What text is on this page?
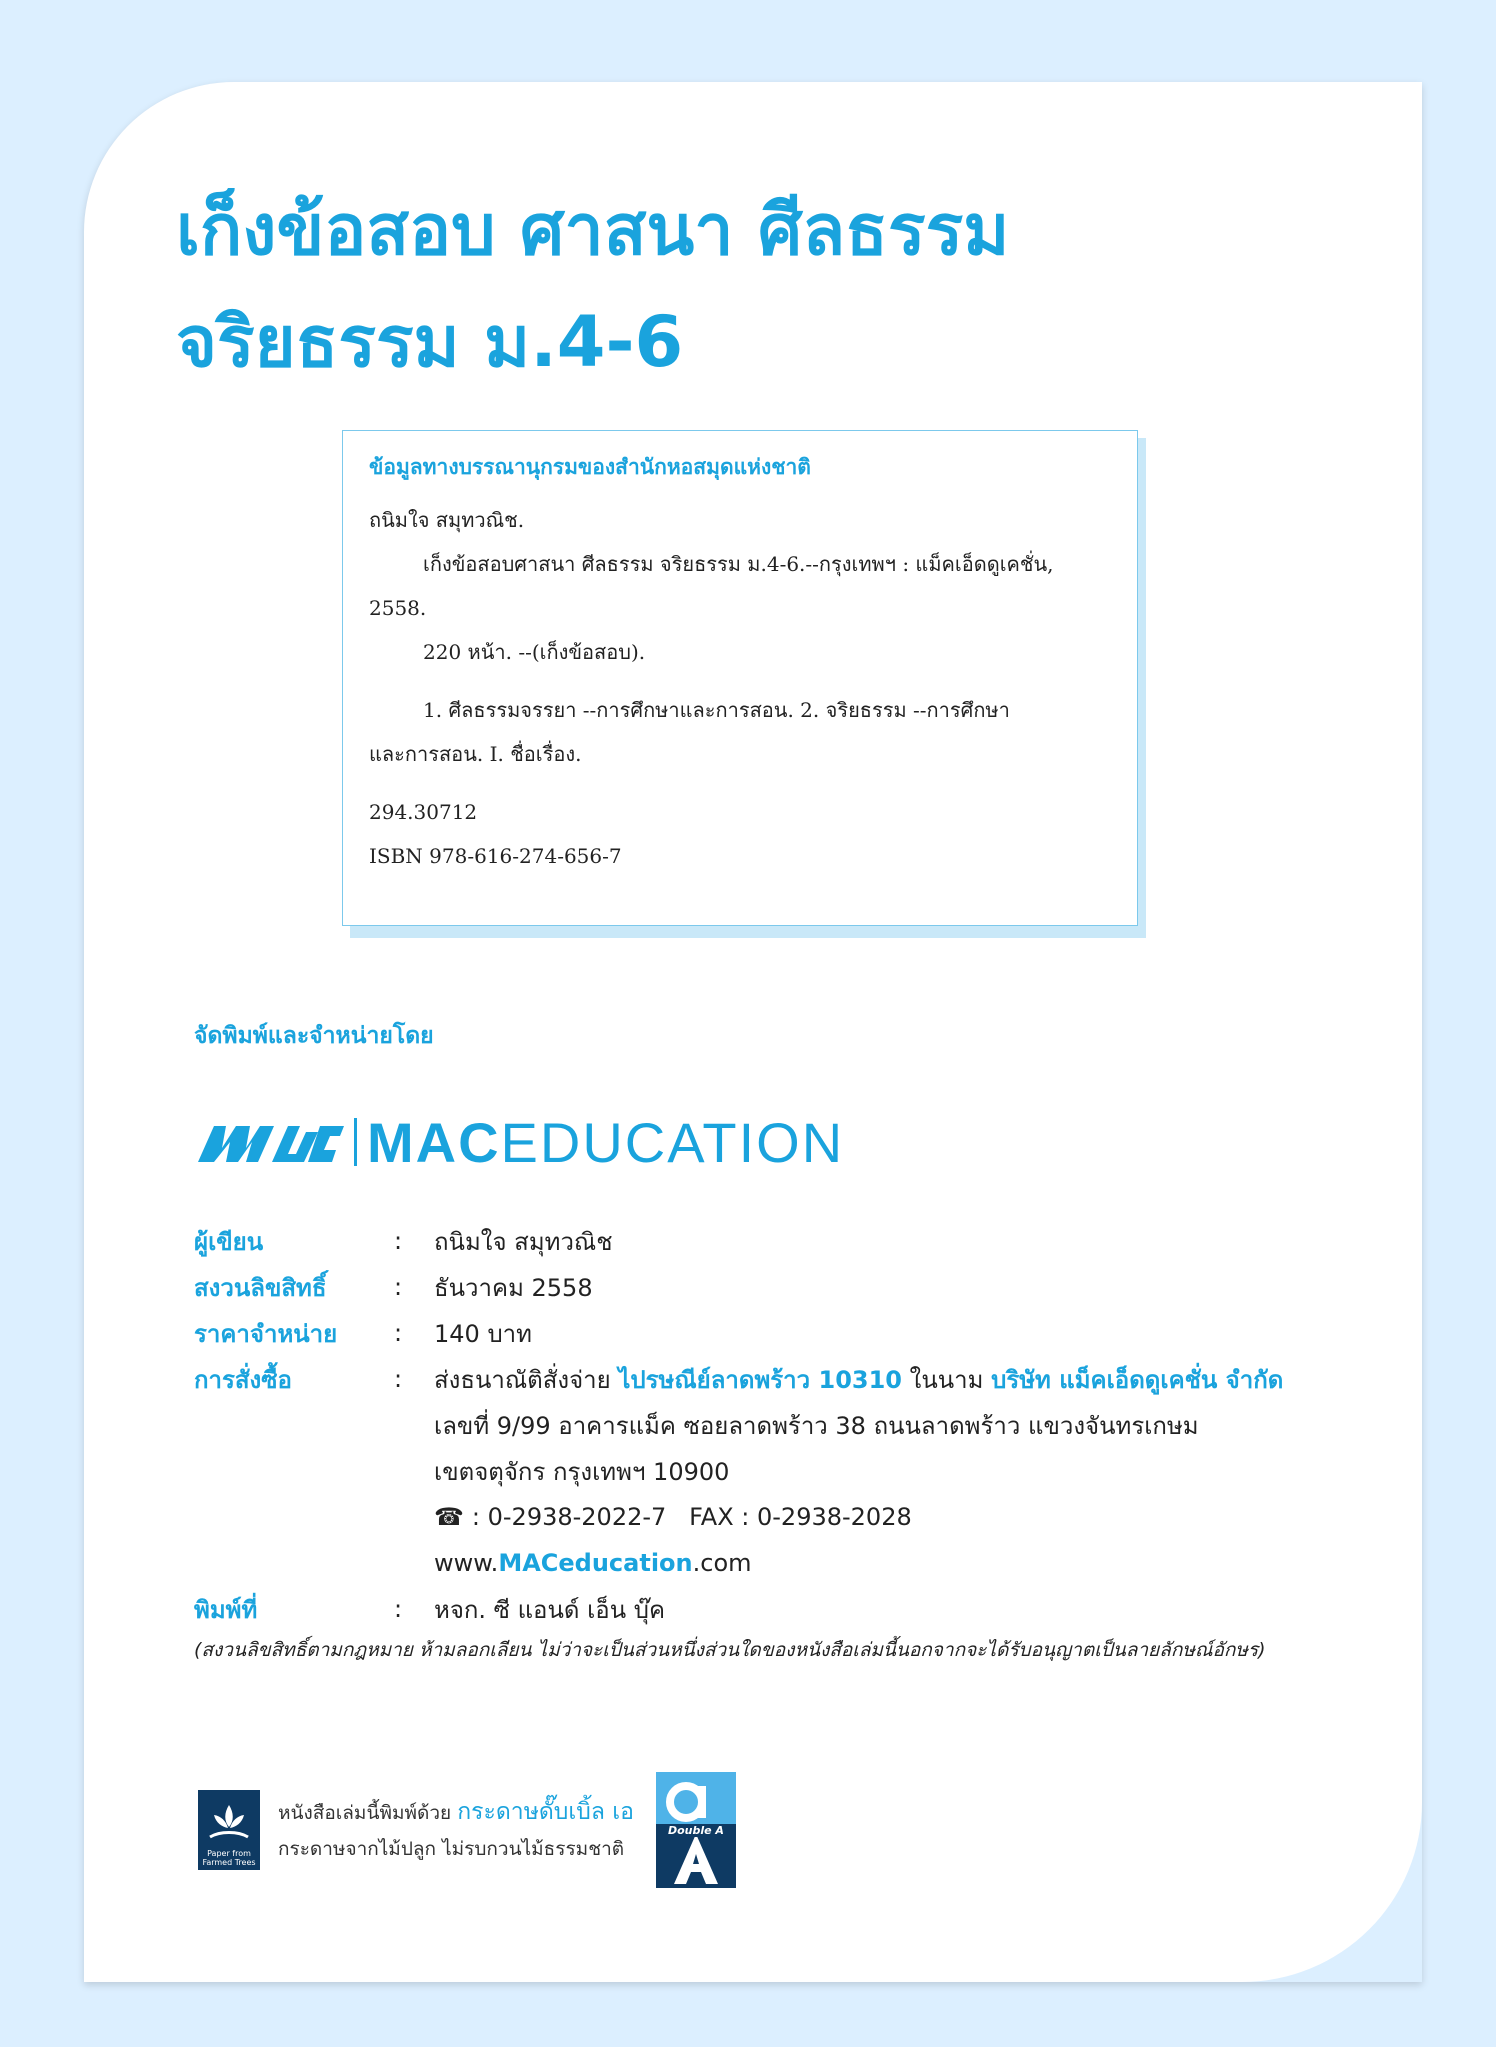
เก็งข้อสอบ ศาสนา ศีลธรรม
จริยธรรม ม.4-6
ข้อมูลทางบรรณานุกรมของสำนักหอสมุดแห่งชาติ

ถนิมใจ สมุทวณิช.

เก็งข้อสอบศาสนา ศีลธรรม จริยธรรม ม.4-6.--กรุงเทพฯ : แม็คเอ็ดดูเคชั่น,

2558.

220 หน้า. --(เก็งข้อสอบ).

1. ศีลธรรมจรรยา --การศึกษาและการสอน. 2. จริยธรรม --การศึกษา

และการสอน. I. ชื่อเรื่อง.

294.30712

ISBN 978-616-274-656-7

จัดพิมพ์และจำหน่ายโดย
MACEDUCATION
ผู้เขียน	:	ถนิมใจ สมุทวณิช
สงวนลิขสิทธิ์	:	ธันวาคม 2558
ราคาจำหน่าย	:	140 บาท
การสั่งซื้อ	:	ส่งธนาณัติสั่งจ่าย ไปรษณีย์ลาดพร้าว 10310 ในนาม บริษัท แม็คเอ็ดดูเคชั่น จำกัด
เลขที่ 9/99 อาคารแม็ค ซอยลาดพร้าว 38 ถนนลาดพร้าว แขวงจันทรเกษม
เขตจตุจักร กรุงเทพฯ 10900
☎ : 0-2938-2022-7   FAX : 0-2938-2028
www. MACeducation .com
พิมพ์ที่	:	หจก. ซี แอนด์ เอ็น บุ๊ค
(สงวนลิขสิทธิ์ตามกฎหมาย ห้ามลอกเลียน ไม่ว่าจะเป็นส่วนหนึ่งส่วนใดของหนังสือเล่มนี้นอกจากจะได้รับอนุญาตเป็นลายลักษณ์อักษร)
Paper from Farmed Trees
หนังสือเล่มนี้พิมพ์ด้วย กระดาษดั๊บเบิ้ล เอ
กระดาษจากไม้ปลูก ไม่รบกวนไม้ธรรมชาติ
Double A
